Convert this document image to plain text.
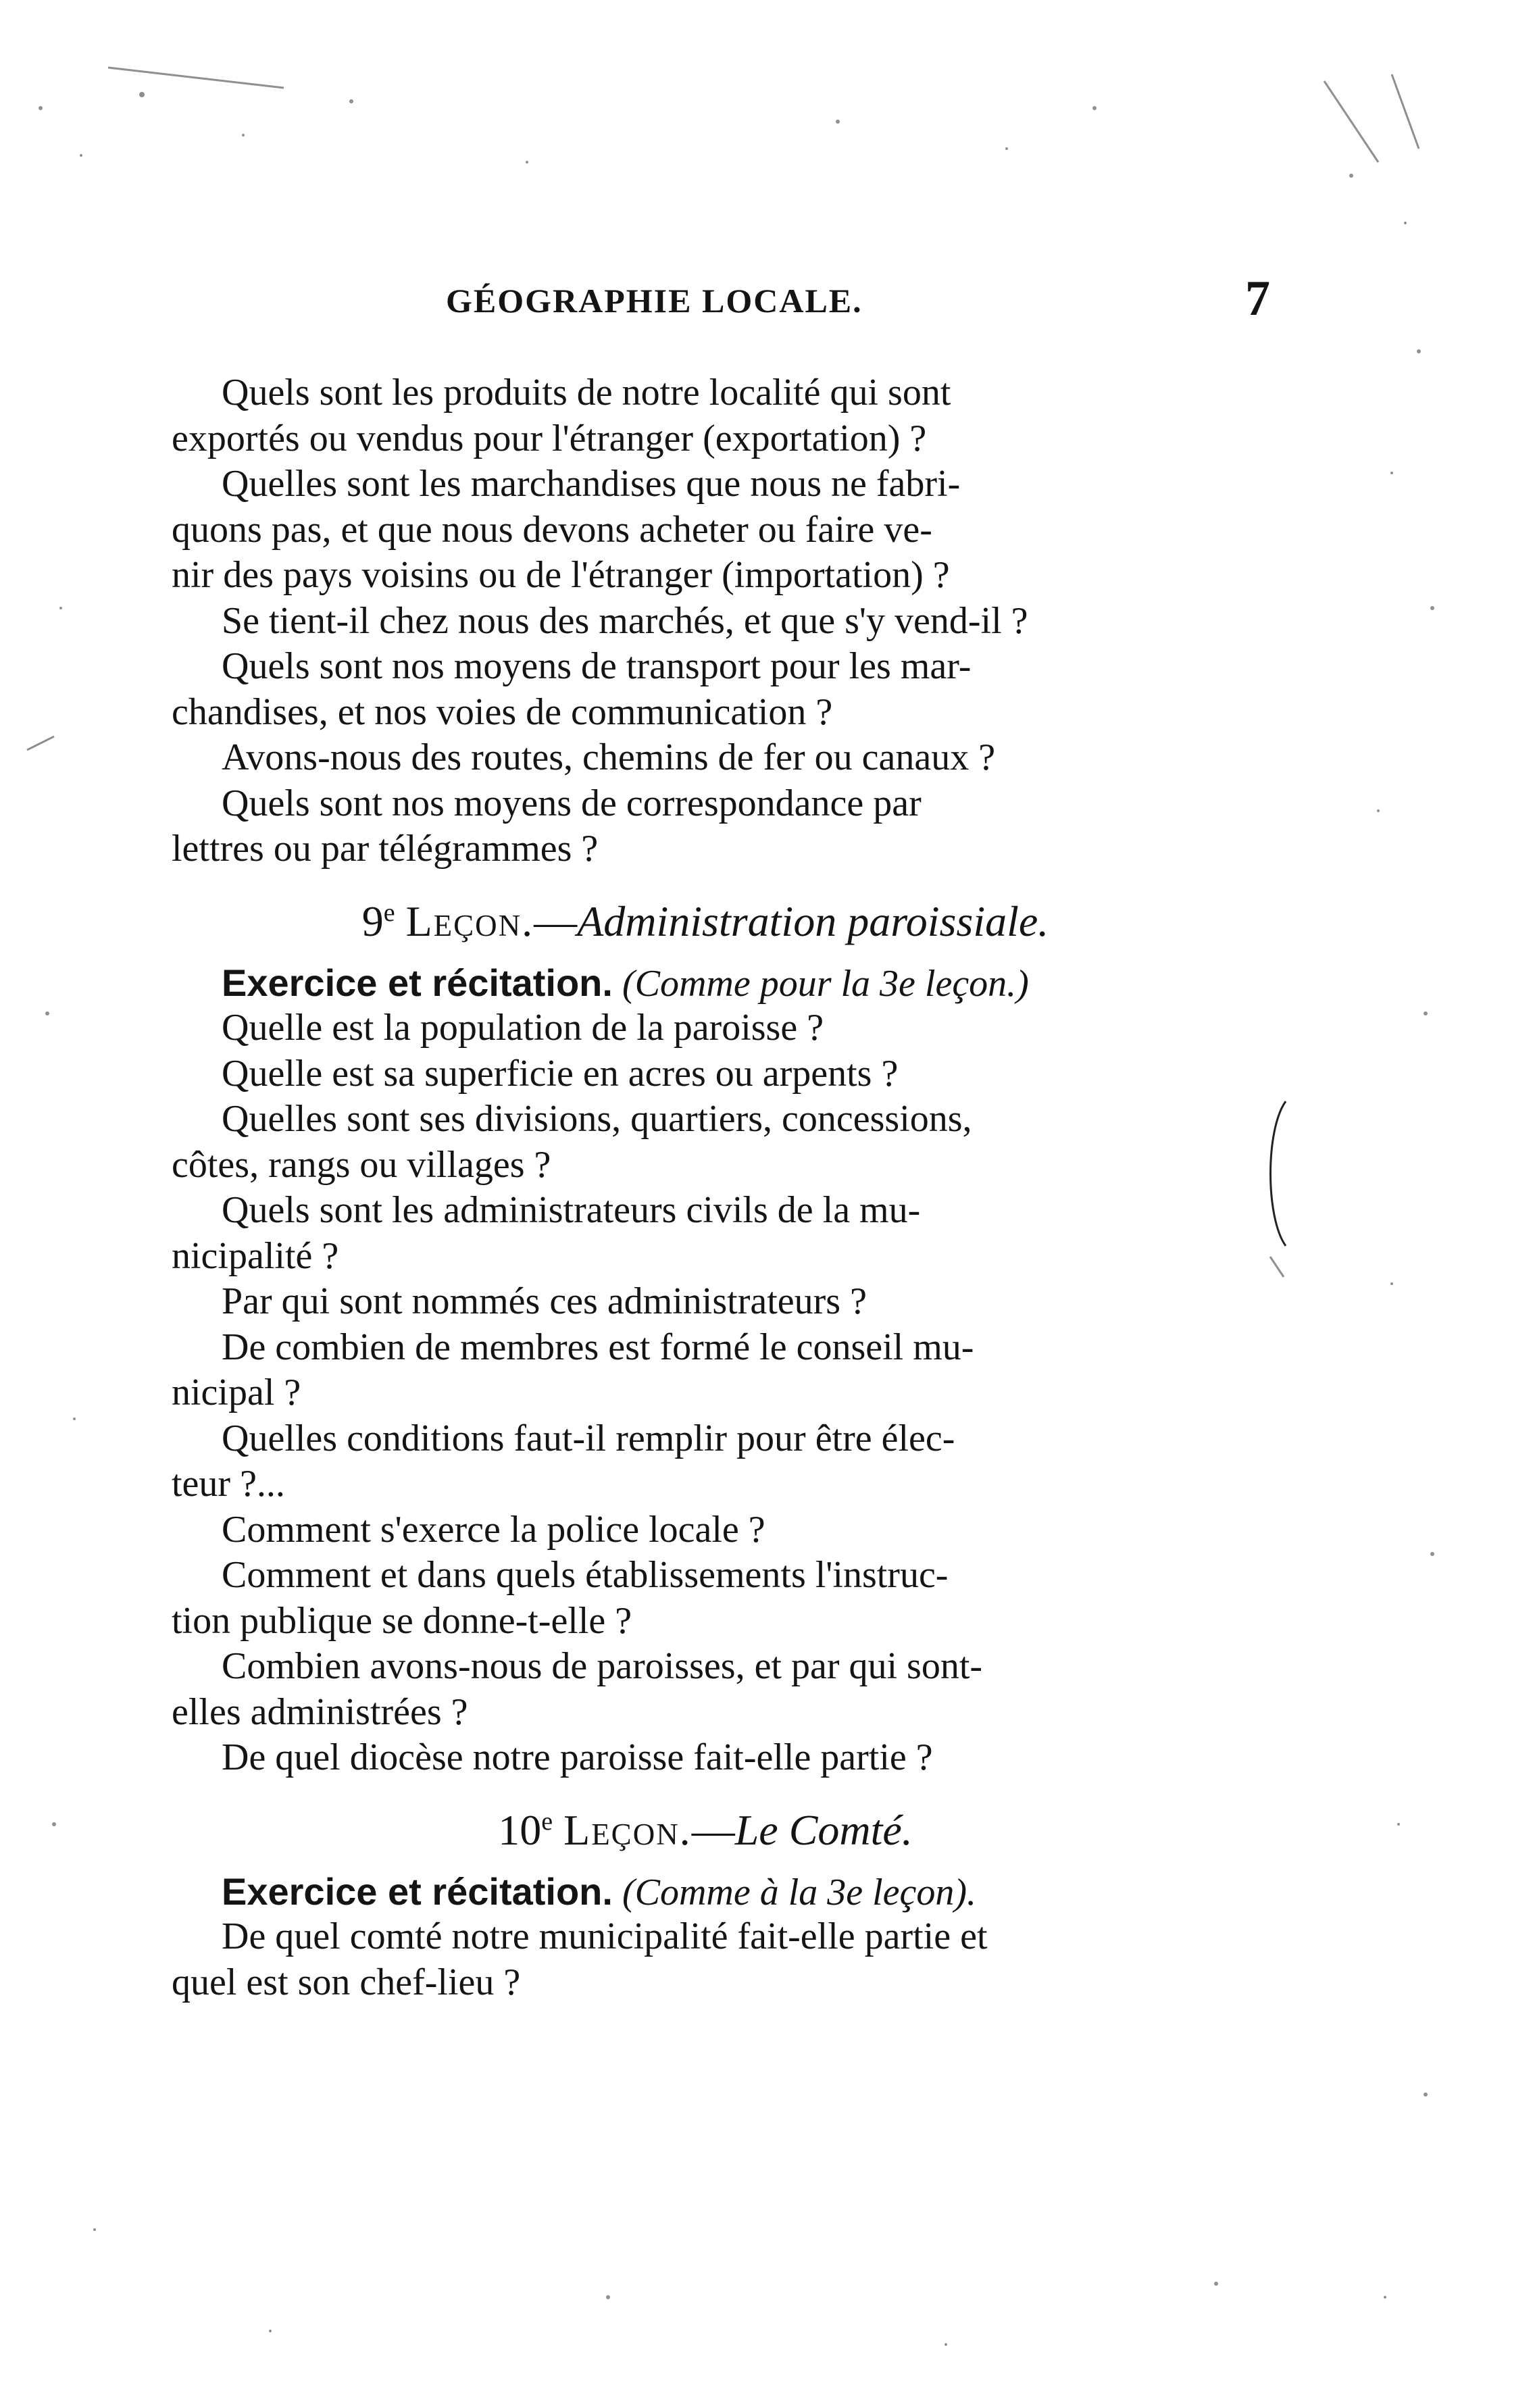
GÉOGRAPHIE LOCALE.	7
Quels sont les produits de notre localité qui sont
exportés ou vendus pour l'étranger (exportation) ?
Quelles sont les marchandises que nous ne fabri-
quons pas, et que nous devons acheter ou faire ve-
nir des pays voisins ou de l'étranger (importation) ?
Se tient-il chez nous des marchés, et que s'y vend-il ?
Quels sont nos moyens de transport pour les mar-
chandises, et nos voies de communication ?
Avons-nous des routes, chemins de fer ou canaux ?
Quels sont nos moyens de correspondance par
lettres ou par télégrammes ?
9e Leçon.—Administration paroissiale.
Exercice et récitation. (Comme pour la 3e leçon.)
Quelle est la population de la paroisse ?
Quelle est sa superficie en acres ou arpents ?
Quelles sont ses divisions, quartiers, concessions,
côtes, rangs ou villages ?
Quels sont les administrateurs civils de la mu-
nicipalité ?
Par qui sont nommés ces administrateurs ?
De combien de membres est formé le conseil mu-
nicipal ?
Quelles conditions faut-il remplir pour être élec-
teur ?...
Comment s'exerce la police locale ?
Comment et dans quels établissements l'instruc-
tion publique se donne-t-elle ?
Combien avons-nous de paroisses, et par qui sont-
elles administrées ?
De quel diocèse notre paroisse fait-elle partie ?
10e Leçon.—Le Comté.
Exercice et récitation. (Comme à la 3e leçon).
De quel comté notre municipalité fait-elle partie et
quel est son chef-lieu ?
